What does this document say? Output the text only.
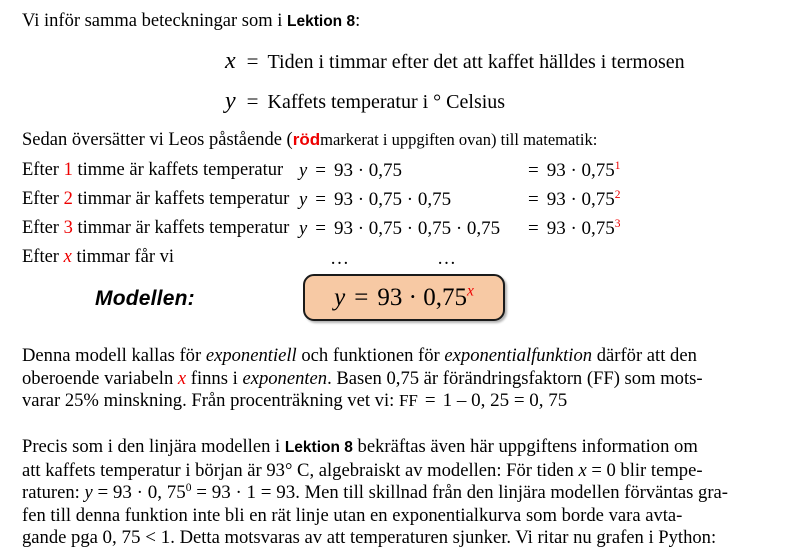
Vi inför samma beteckningar som i Lektion 8:
x = Tiden i timmar efter det att kaffet hälldes i termosen
y = Kaffets temperatur i ° Celsius
Sedan översätter vi Leos påstående (rödmarkerat i uppgiften ovan) till matematik:
Efter 1 timme är kaffets temperatur y = 93 · 0,75	= $93 \cdot 0,75^1$
Efter 2 timmar är kaffets temperatur y = 93 · 0,75 · 0,75	= $93 \cdot 0,75^2$
Efter 3 timmar är kaffets temperatur $y = 93 \cdot 0,75 \cdot 0,75 \cdot 0,75 = 93 \cdot 0,75^3$
Efter x timmar får vi	…	…
Modellen:	$y = 93 \cdot 0,75^x$
Denna modell kallas för exponentiell och funktionen för exponentialfunktion därför att den
oberoende variabeln x finns i exponenten. Basen 0,75 är förändringsfaktorn (FF) som mots-
varar 25% minskning. Från procenträkning vet vi: FF = 1 – 0, 25 = 0, 75
Precis som i den linjära modellen i Lektion 8 bekräftas även här uppgiftens information om
att kaffets temperatur i början är 93° C, algebraiskt av modellen: För tiden x = 0 blir tempe-
raturen: y = 93 · 0, $75^0 = 93 \cdot 1 = 93$. Men till skillnad från den linjära modellen förväntas gra-
fen till denna funktion inte bli en rät linje utan en exponentialkurva som borde vara avta-
gande pga 0, 75 < 1. Detta motsvaras av att temperaturen sjunker. Vi ritar nu grafen i Python:
